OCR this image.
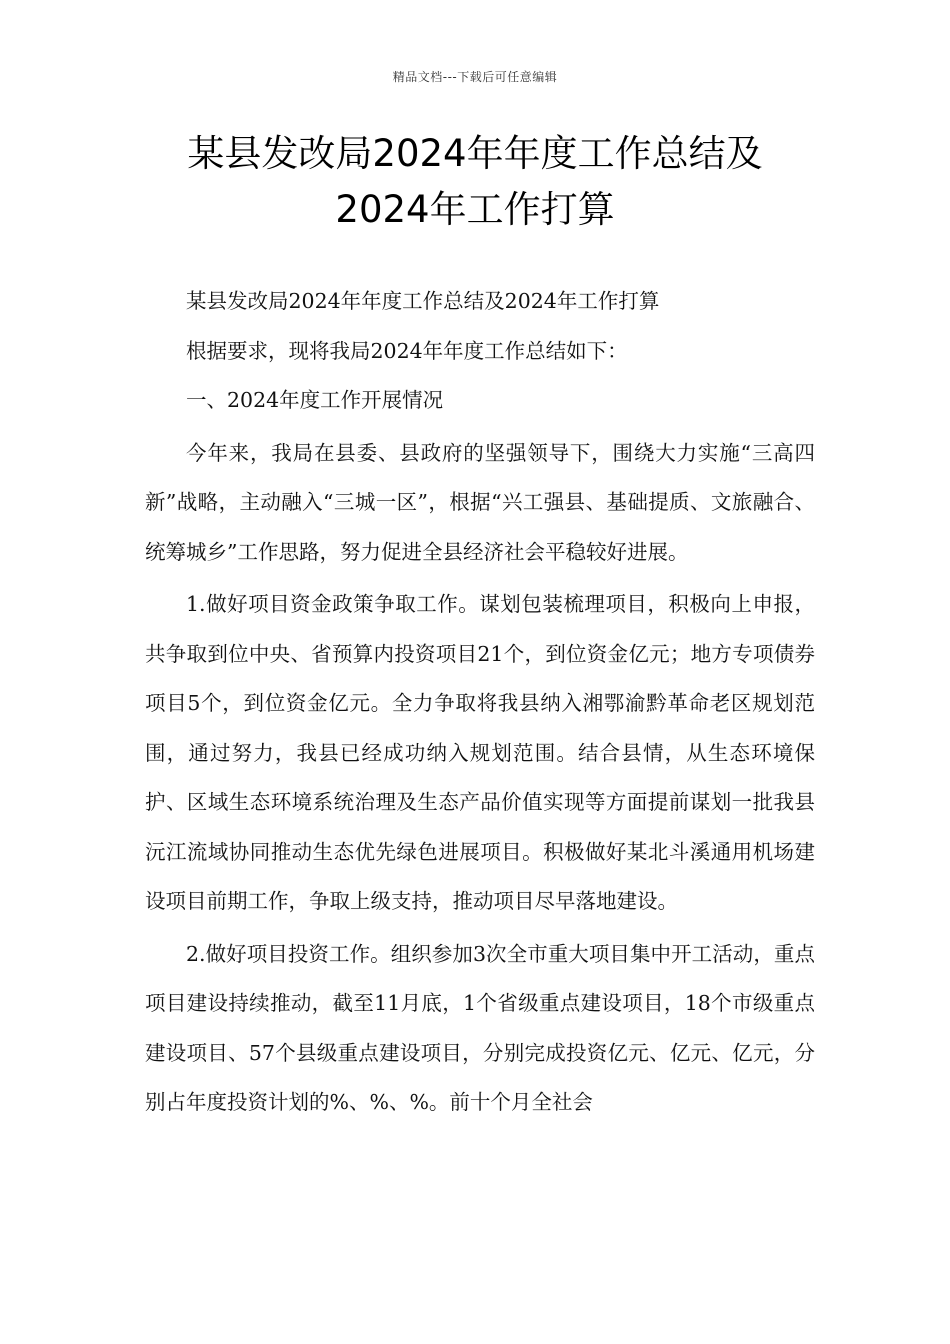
精品文档---下载后可任意编辑
某县发改局2024年年度工作总结及
2024年工作打算

某县发改局2024年年度工作总结及2024年工作打算

根据要求，现将我局2024年年度工作总结如下：

一、2024年度工作开展情况

今年来，我局在县委、县政府的坚强领导下，围绕大力实施“三高四新”战略，主动融入“三城一区”，根据“兴工强县、基础提质、文旅融合、统筹城乡”工作思路，努力促进全县经济社会平稳较好进展。

1.做好项目资金政策争取工作。谋划包装梳理项目，积极向上申报，共争取到位中央、省预算内投资项目21个，到位资金亿元；地方专项债券项目5个，到位资金亿元。全力争取将我县纳入湘鄂渝黔革命老区规划范围，通过努力，我县已经成功纳入规划范围。结合县情，从生态环境保护、区域生态环境系统治理及生态产品价值实现等方面提前谋划一批我县沅江流域协同推动生态优先绿色进展项目。积极做好某北斗溪通用机场建设项目前期工作，争取上级支持，推动项目尽早落地建设。

2.做好项目投资工作。组织参加3次全市重大项目集中开工活动，重点项目建设持续推动，截至11月底，1个省级重点建设项目，18个市级重点建设项目、57个县级重点建设项目，分别完成投资亿元、亿元、亿元，分别占年度投资计划的%、%、%。前十个月全社会
